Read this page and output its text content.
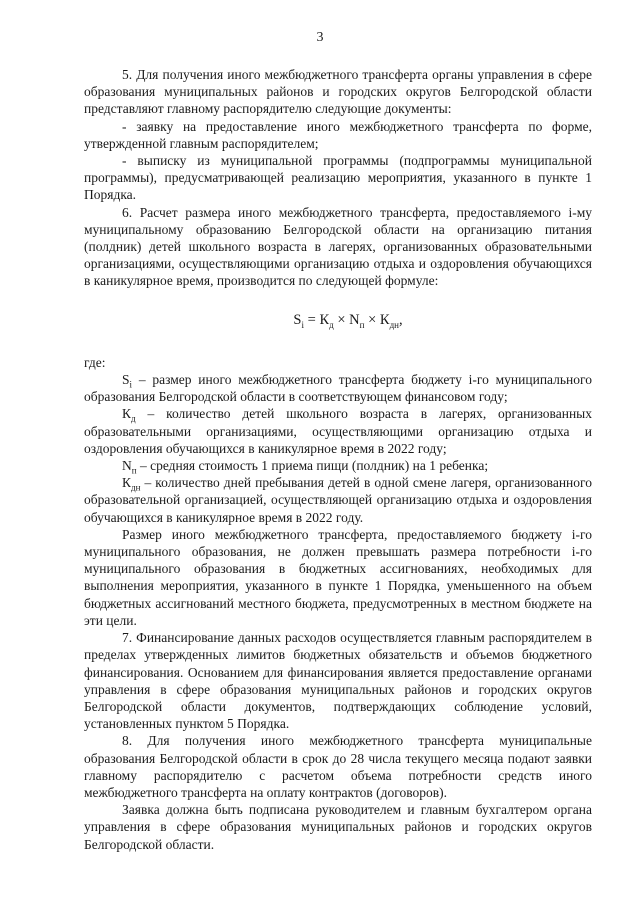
3

5. Для получения иного межбюджетного трансферта органы управления в сфере образования муниципальных районов и городских округов Белгородской области представляют главному распорядителю следующие документы:

- заявку на предоставление иного межбюджетного трансферта по форме, утвержденной главным распорядителем;

- выписку из муниципальной программы (подпрограммы муниципальной программы), предусматривающей реализацию мероприятия, указанного в пункте 1 Порядка.

6. Расчет размера иного межбюджетного трансферта, предоставляемого i-му муниципальному образованию Белгородской области на организацию питания (полдник) детей школьного возраста в лагерях, организованных образовательными организациями, осуществляющими организацию отдыха и оздоровления обучающихся в каникулярное время, производится по следующей формуле:

$S_i = К_д \times N_п \times К_{дн}$,

где:

$S_i$ – размер иного межбюджетного трансферта бюджету i-го муниципального образования Белгородской области в соответствующем финансовом году;

$К_д$ – количество детей школьного возраста в лагерях, организованных образовательными организациями, осуществляющими организацию отдыха и оздоровления обучающихся в каникулярное время в 2022 году;

$N_п$ – средняя стоимость 1 приема пищи (полдник) на 1 ребенка;

$К_{дн}$ – количество дней пребывания детей в одной смене лагеря, организованного образовательной организацией, осуществляющей организацию отдыха и оздоровления обучающихся в каникулярное время в 2022 году.

Размер иного межбюджетного трансферта, предоставляемого бюджету i-го муниципального образования, не должен превышать размера потребности i-го муниципального образования в бюджетных ассигнованиях, необходимых для выполнения мероприятия, указанного в пункте 1 Порядка, уменьшенного на объем бюджетных ассигнований местного бюджета, предусмотренных в местном бюджете на эти цели.

7. Финансирование данных расходов осуществляется главным распорядителем в пределах утвержденных лимитов бюджетных обязательств и объемов бюджетного финансирования. Основанием для финансирования является предоставление органами управления в сфере образования муниципальных районов и городских округов Белгородской области документов, подтверждающих соблюдение условий, установленных пунктом 5 Порядка.

8. Для получения иного межбюджетного трансферта муниципальные образования Белгородской области в срок до 28 числа текущего месяца подают заявки главному распорядителю с расчетом объема потребности средств иного межбюджетного трансферта на оплату контрактов (договоров).

Заявка должна быть подписана руководителем и главным бухгалтером органа управления в сфере образования муниципальных районов и городских округов Белгородской области.
